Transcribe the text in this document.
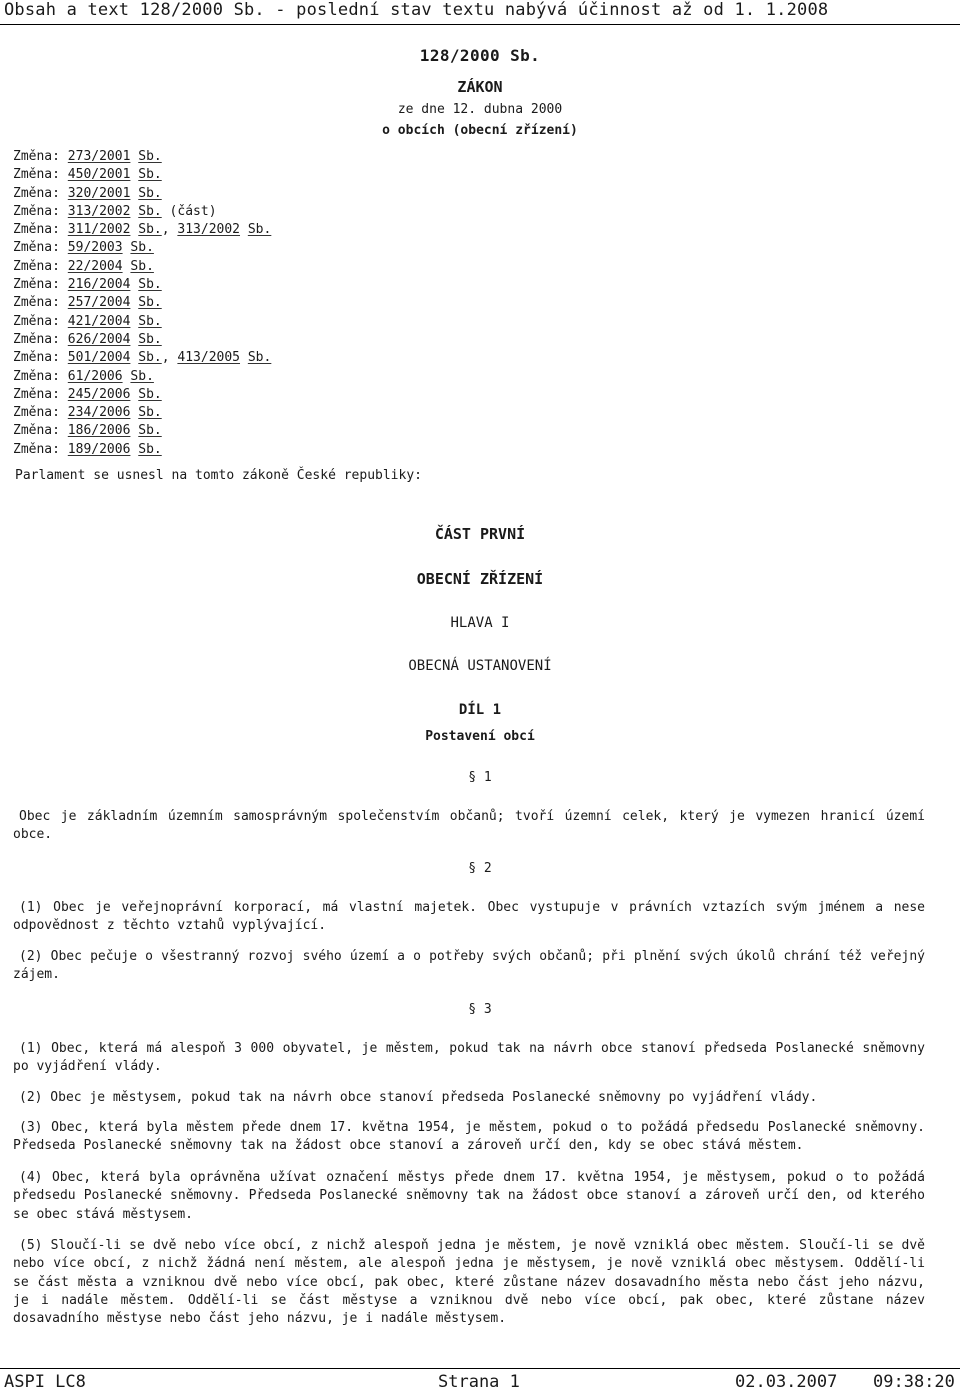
Obsah a text 128/2000 Sb. - poslední stav textu nabývá účinnost až od 1. 1.2008
128/2000 Sb.
ZÁKON
ze dne 12. dubna 2000
o obcích (obecní zřízení)
Změna: 273/2001 Sb.
Změna: 450/2001 Sb.
Změna: 320/2001 Sb.
Změna: 313/2002 Sb. (část)
Změna: 311/2002 Sb., 313/2002 Sb.
Změna: 59/2003 Sb.
Změna: 22/2004 Sb.
Změna: 216/2004 Sb.
Změna: 257/2004 Sb.
Změna: 421/2004 Sb.
Změna: 626/2004 Sb.
Změna: 501/2004 Sb., 413/2005 Sb.
Změna: 61/2006 Sb.
Změna: 245/2006 Sb.
Změna: 234/2006 Sb.
Změna: 186/2006 Sb.
Změna: 189/2006 Sb.
Parlament se usnesl na tomto zákoně České republiky:
ČÁST PRVNÍ
OBECNÍ ZŘÍZENÍ
HLAVA I
OBECNÁ USTANOVENÍ
DÍL 1
Postavení obcí
§ 1

Obec je základním územním samosprávným společenstvím občanů; tvoří územní celek, který je vymezen hranicí území obce.

§ 2

(1) Obec je veřejnoprávní korporací, má vlastní majetek. Obec vystupuje v právních vztazích svým jménem a nese odpovědnost z těchto vztahů vyplývající.

(2) Obec pečuje o všestranný rozvoj svého území a o potřeby svých občanů; při plnění svých úkolů chrání též veřejný zájem.

§ 3

(1) Obec, která má alespoň 3 000 obyvatel, je městem, pokud tak na návrh obce stanoví předseda Poslanecké sněmovny po vyjádření vlády.

(2) Obec je městysem, pokud tak na návrh obce stanoví předseda Poslanecké sněmovny po vyjádření vlády.

(3) Obec, která byla městem přede dnem 17. května 1954, je městem, pokud o to požádá předsedu Poslanecké sněmovny. Předseda Poslanecké sněmovny tak na žádost obce stanoví a zároveň určí den, kdy se obec stává městem.

(4) Obec, která byla oprávněna užívat označení městys přede dnem 17. května 1954, je městysem, pokud o to požádá předsedu Poslanecké sněmovny. Předseda Poslanecké sněmovny tak na žádost obce stanoví a zároveň určí den, od kterého se obec stává městysem.

(5) Sloučí-li se dvě nebo více obcí, z nichž alespoň jedna je městem, je nově vzniklá obec městem. Sloučí-li se dvě nebo více obcí, z nichž žádná není městem, ale alespoň jedna je městysem, je nově vzniklá obec městysem. Oddělí-li se část města a vzniknou dvě nebo více obcí, pak obec, které zůstane název dosavadního města nebo část jeho názvu, je i nadále městem. Oddělí-li se část městyse a vzniknou dvě nebo více obcí, pak obec, které zůstane název dosavadního městyse nebo část jeho názvu, je i nadále městysem.

ASPI LC8	Strana 1	02.03.2007 09:38:20
